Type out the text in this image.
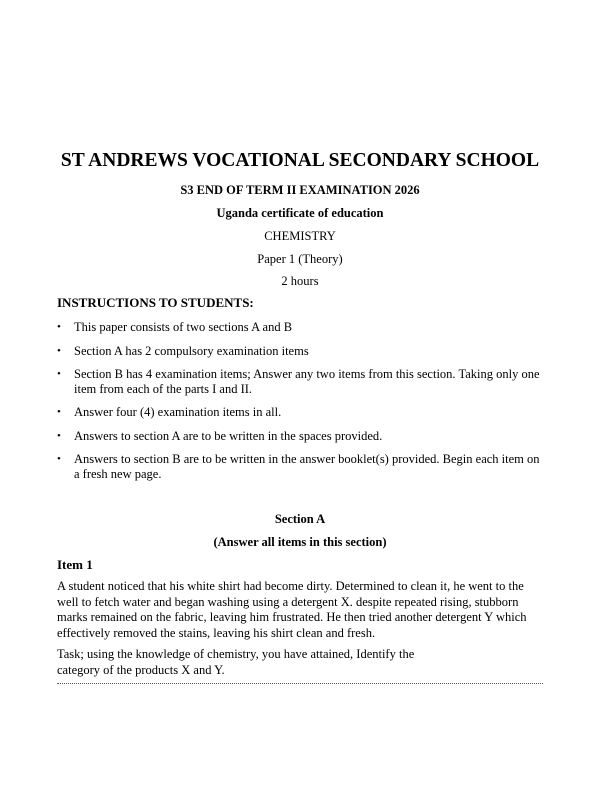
ST ANDREWS VOCATIONAL SECONDARY SCHOOL
S3 END OF TERM II EXAMINATION 2026
Uganda certificate of education
CHEMISTRY
Paper 1 (Theory)
2 hours
INSTRUCTIONS TO STUDENTS:
• This paper consists of two sections A and B
• Section A has 2 compulsory examination items
• Section B has 4 examination items; Answer any two items from this section. Taking only one item from each of the parts I and II.
• Answer four (4) examination items in all.
• Answers to section A are to be written in the spaces provided.
• Answers to section B are to be written in the answer booklet(s) provided. Begin each item on a fresh new page.
Section A
(Answer all items in this section)
Item 1
A student noticed that his white shirt had become dirty. Determined to clean it, he went to the well to fetch water and began washing using a detergent X. despite repeated rising, stubborn marks remained on the fabric, leaving him frustrated. He then tried another detergent Y which effectively removed the stains, leaving his shirt clean and fresh.
Task; using the knowledge of chemistry, you have attained, Identify the category of the products X and Y.
